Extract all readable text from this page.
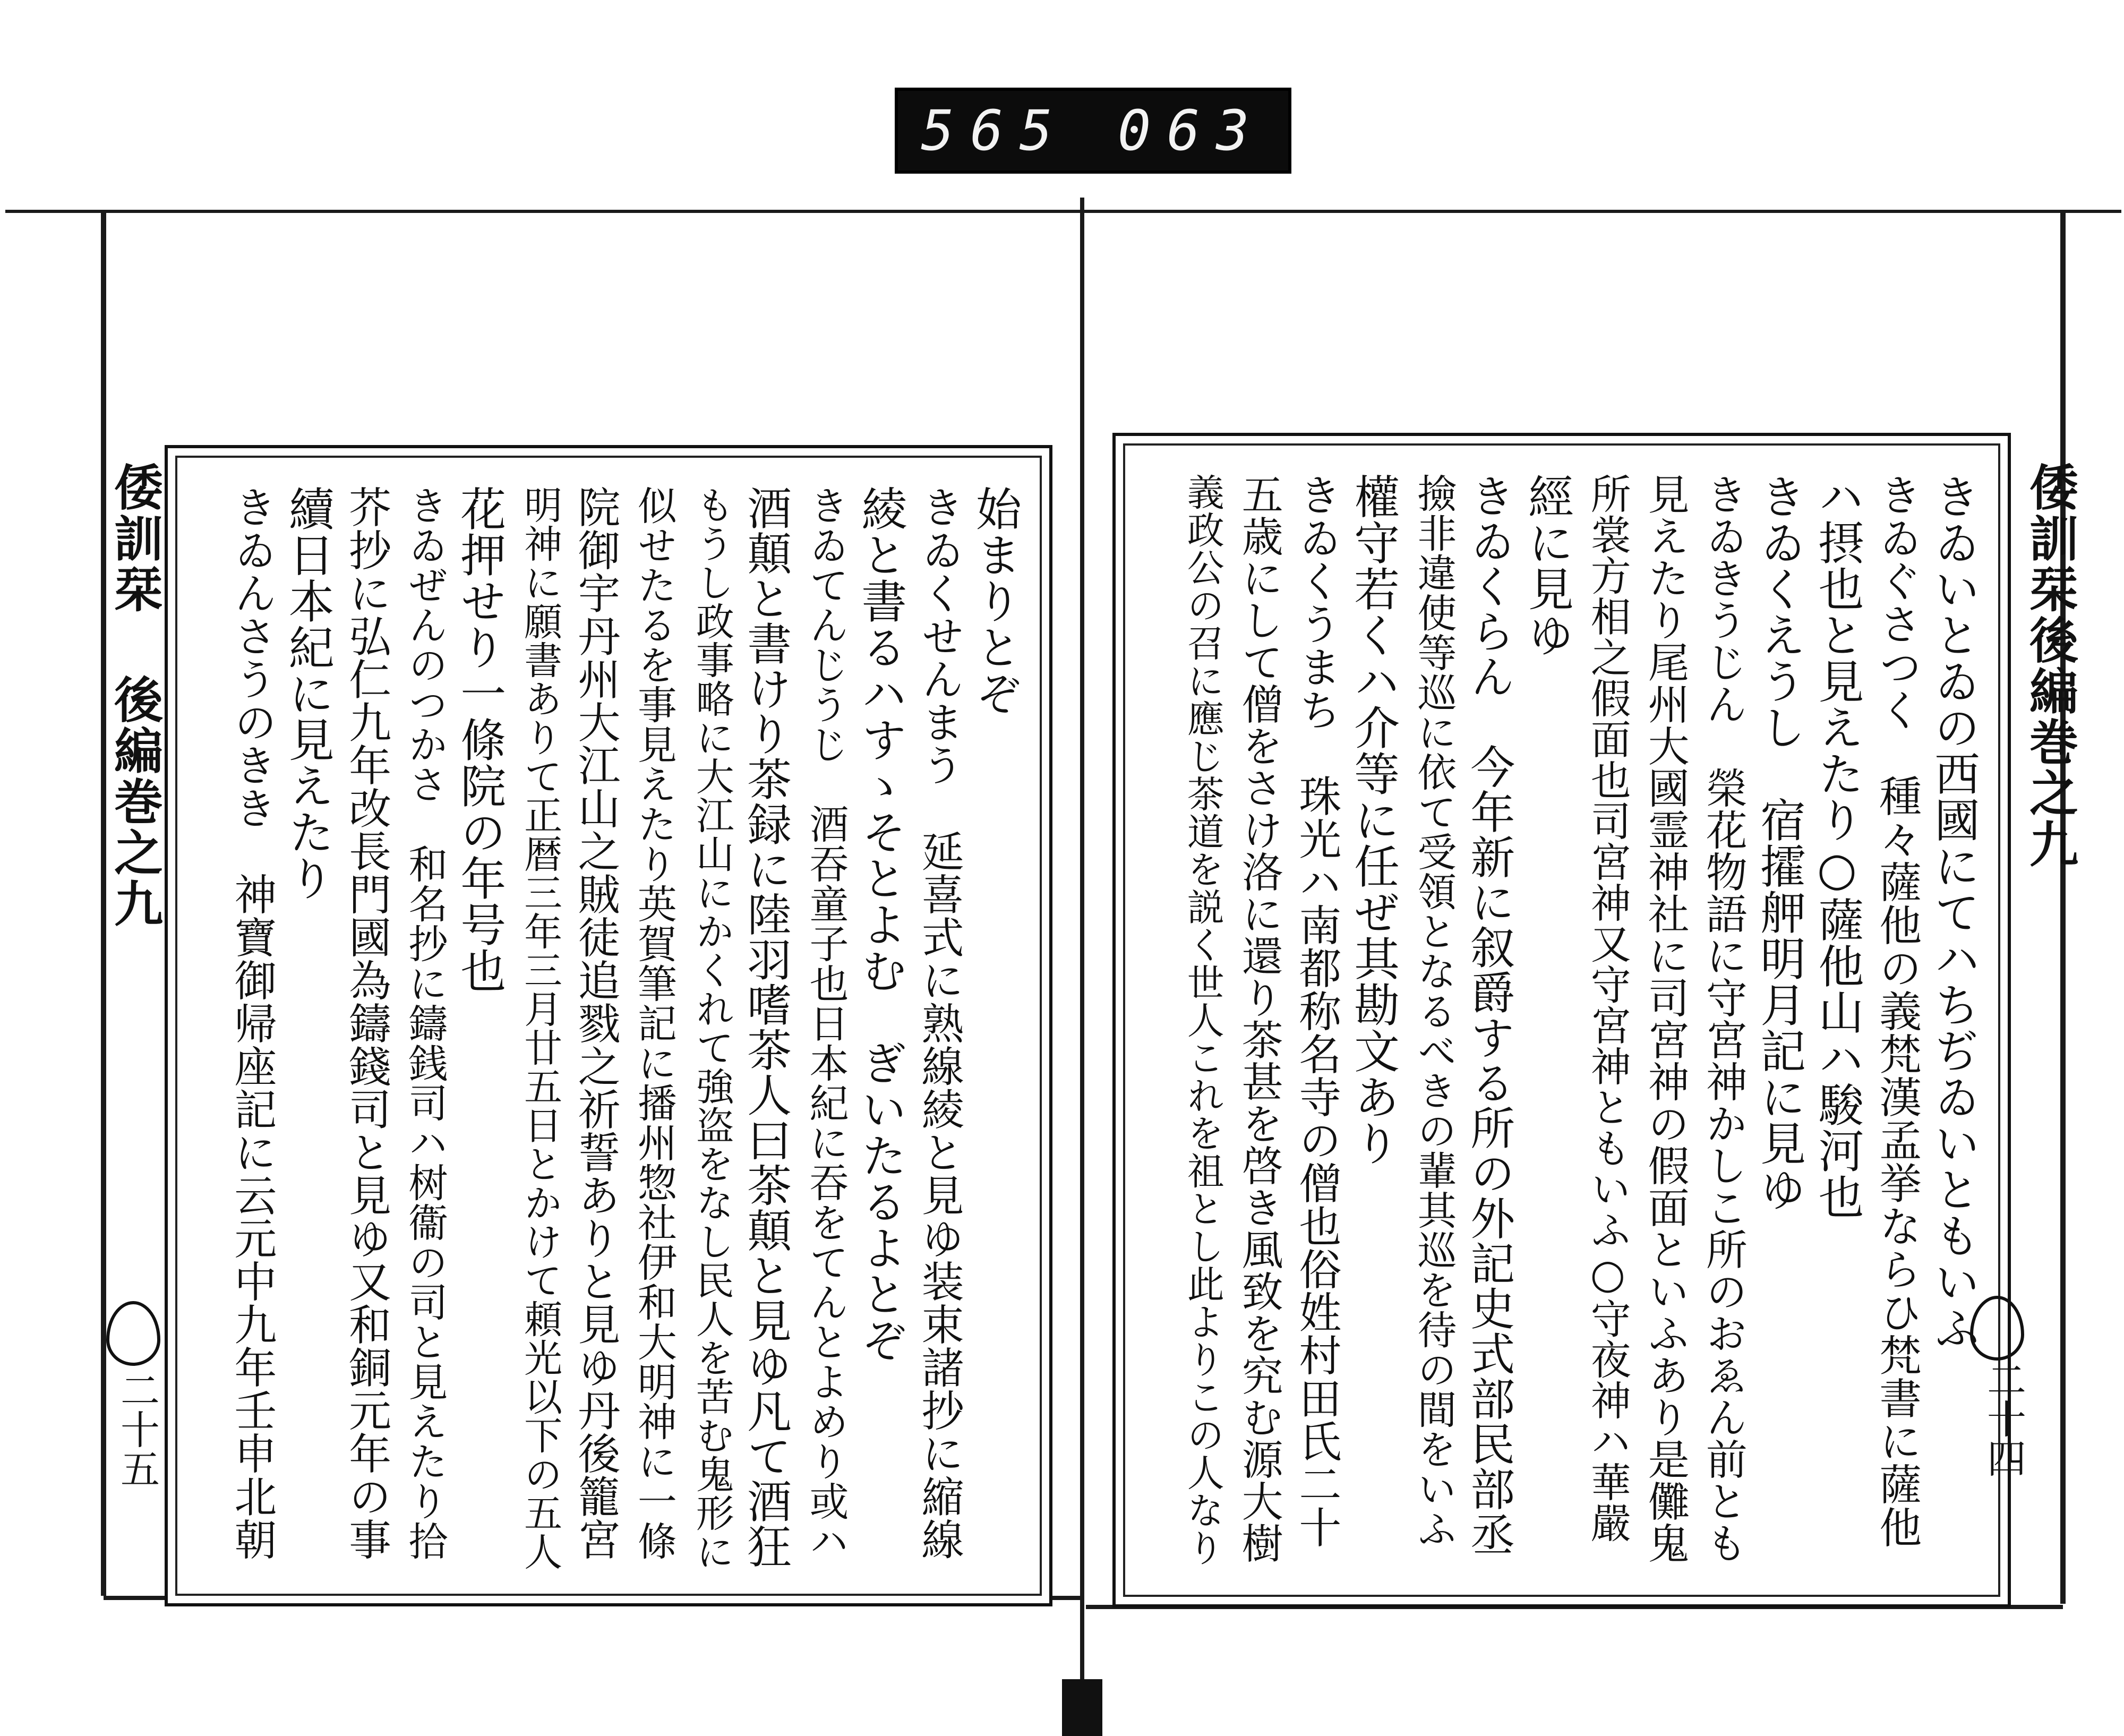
565 063
倭訓栞 後編巻之九
二十五
始まりとぞ
きゐくせんまう　延喜式に熟線綾と見ゆ装束諸抄に縮線
綾と書るハすゝそとよむ　ぎいたるよとぞ
きゐてんじうじ　酒吞童子也日本紀に吞をてんとよめり或ハ
酒顛と書けり茶録に陸羽嗜茶人曰茶顛と見ゆ凡て酒狂
もうし政事略に大江山にかくれて強盗をなし民人を苦む鬼形に
似せたるを事見えたり英賀筆記に播州惣社伊和大明神に一條
院御宇丹州大江山之賊徒追戮之祈誓ありと見ゆ丹後籠宮
明神に願書ありて正暦三年三月廿五日とかけて頼光以下の五人
花押せり一條院の年号也
きゐぜんのつかさ　和名抄に鑄銭司ハ树衞の司と見えたり拾
芥抄に弘仁九年改長門國為鑄錢司と見ゆ又和銅元年の事
續日本紀に見えたり
きゐんさうのきき　神寶御帰座記に云元中九年壬申北朝	きゐいとゐの西國にてハちぢゐいともいふ
きゐぐさつく　種々薩他の義梵漢孟挙ならひ梵書に薩他
ハ摂也と見えたり○薩他山ハ駿河也
きゐくえうし　宿攉舺明月記に見ゆ
きゐきうじん　榮花物語に守宮神かしこ所のおゑん前とも
見えたり尾州大國霊神社に司宮神の假面といふあり是儺鬼
所裳方相之假面也司宮神又守宮神ともいふ○守夜神ハ華嚴
經に見ゆ
きゐくらん　今年新に叙爵する所の外記史式部民部丞
撿非違使等巡に依て受領となるべきの輩其巡を待の間をいふ
權守若くハ介等に任ぜ其勘文あり
きゐくうまち　珠光ハ南都称名寺の僧也俗姓村田氏二十
五歳にして僧をさけ洛に還り茶甚を啓き風致を究む源大樹
義政公の召に應じ茶道を説く世人これを祖とし此よりこの人なり	倭訓栞後編巻之九
二十四
